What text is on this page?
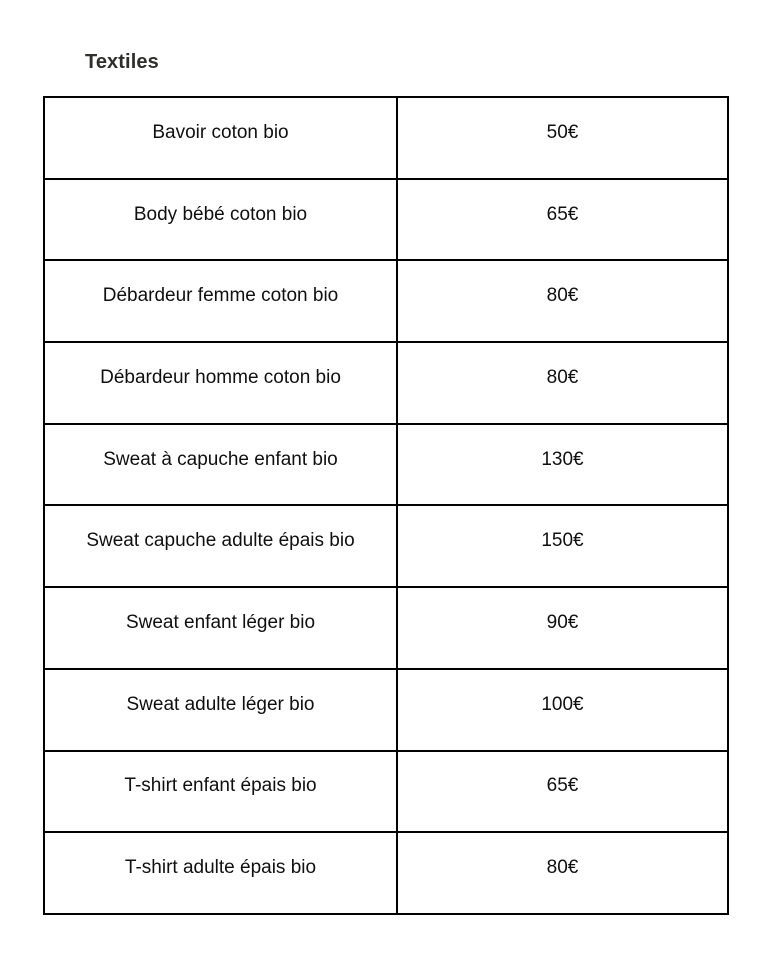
Textiles
Bavoir coton bio	50€

Body bébé coton bio	65€

Débardeur femme coton bio	80€

Débardeur homme coton bio	80€

Sweat à capuche enfant bio	130€

Sweat capuche adulte épais bio	150€

Sweat enfant léger bio	90€

Sweat adulte léger bio	100€

T-shirt enfant épais bio	65€

T-shirt adulte épais bio	80€
